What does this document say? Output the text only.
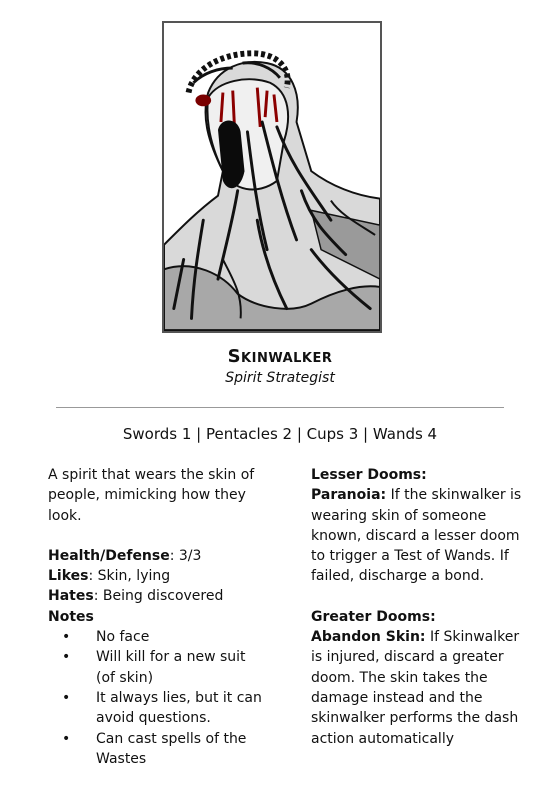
Skinwalker
Spirit Strategist
Swords 1 | Pentacles 2 | Cups 3 | Wands 4

A spirit that wears the skin of people, mimicking how they look.

Health/Defense: 3/3

Likes: Skin, lying

Hates: Being discovered

Notes

• No face
• Will kill for a new suit (of skin)
• It always lies, but it can avoid questions.
• Can cast spells of the Wastes

Lesser Dooms:

Paranoia: If the skinwalker is wearing skin of someone known, discard a lesser doom to trigger a Test of Wands. If failed, discharge a bond.

Greater Dooms:

Abandon Skin: If Skinwalker is injured, discard a greater doom. The skin takes the damage instead and the skinwalker performs the dash action automatically
